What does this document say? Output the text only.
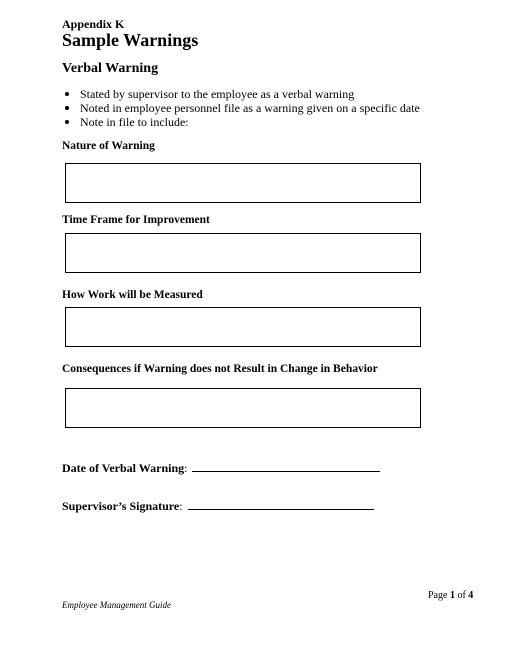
Appendix K
Sample Warnings
Verbal Warning
Stated by supervisor to the employee as a verbal warning
Noted in employee personnel file as a warning given on a specific date
Note in file to include:
Nature of Warning
Time Frame for Improvement
How Work will be Measured
Consequences if Warning does not Result in Change in Behavior
Date of Verbal Warning:
Supervisor’s Signature:
Page 1 of 4
Employee Management Guide
